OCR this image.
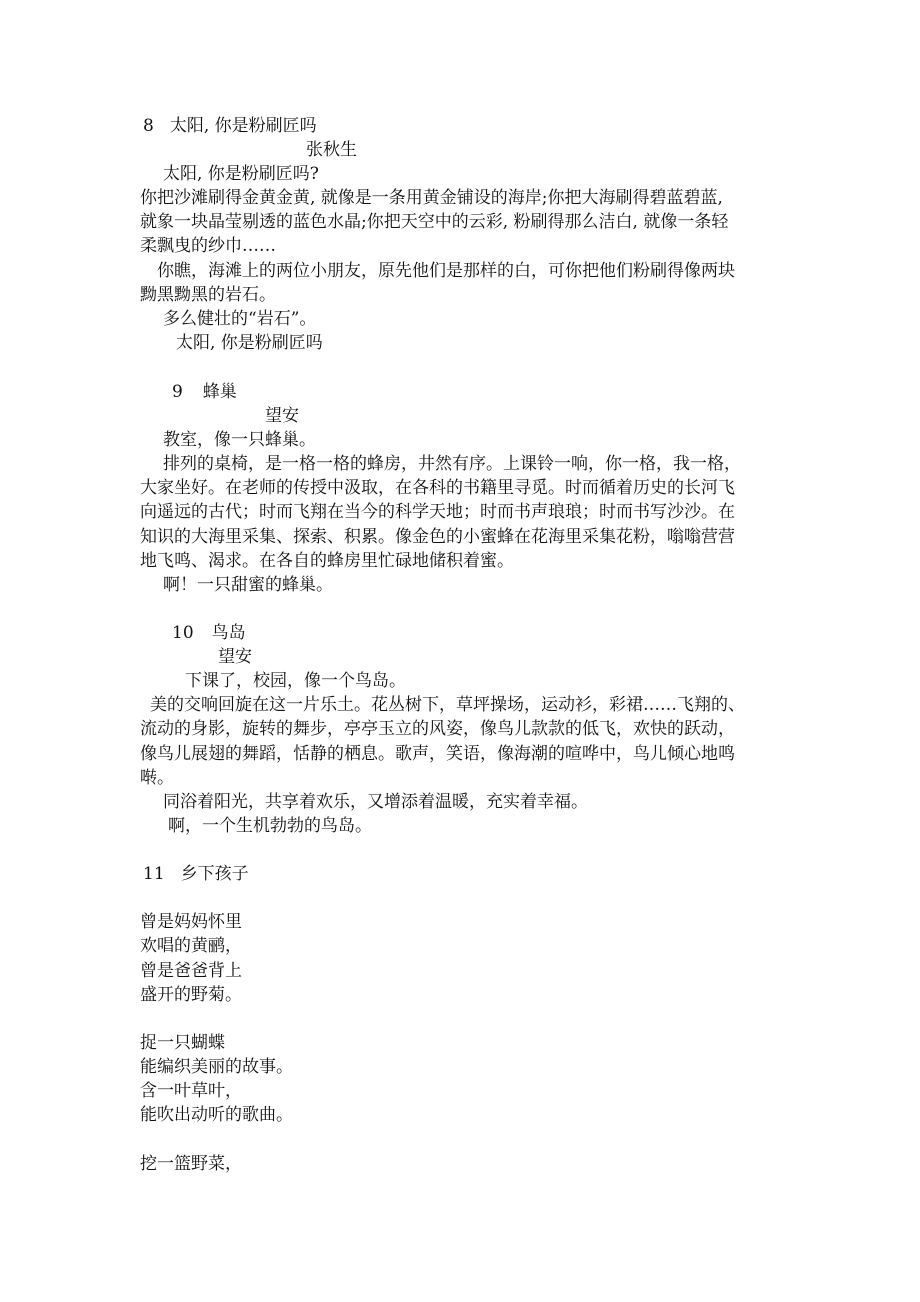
8 太阳, 你是粉刷匠吗
张秋生
太阳, 你是粉刷匠吗?
你把沙滩刷得金黄金黄, 就像是一条用黄金铺设的海岸;你把大海刷得碧蓝碧蓝,
就象一块晶莹剔透的蓝色水晶;你把天空中的云彩, 粉刷得那么洁白, 就像一条轻
柔飘曳的纱巾……
你瞧，海滩上的两位小朋友，原先他们是那样的白，可你把他们粉刷得像两块
黝黑黝黑的岩石。
多么健壮的“岩石”。
太阳, 你是粉刷匠吗
9 蜂巢
望安
教室，像一只蜂巢。
排列的桌椅，是一格一格的蜂房，井然有序。上课铃一响，你一格，我一格，
大家坐好。在老师的传授中汲取，在各科的书籍里寻觅。时而循着历史的长河飞
向遥远的古代；时而飞翔在当今的科学天地；时而书声琅琅；时而书写沙沙。在
知识的大海里采集、探索、积累。像金色的小蜜蜂在花海里采集花粉，嗡嗡营营
地飞鸣、渴求。在各自的蜂房里忙碌地储积着蜜。
啊！一只甜蜜的蜂巢。
10 鸟岛
望安
下课了，校园，像一个鸟岛。
美的交响回旋在这一片乐土。花丛树下，草坪操场，运动衫，彩裙……飞翔的、
流动的身影，旋转的舞步，亭亭玉立的风姿，像鸟儿款款的低飞，欢快的跃动，
像鸟儿展翅的舞蹈，恬静的栖息。歌声，笑语，像海潮的喧哗中，鸟儿倾心地鸣
啭。
同浴着阳光，共享着欢乐，又增添着温暖，充实着幸福。
啊，一个生机勃勃的鸟岛。
11 乡下孩子
曾是妈妈怀里
欢唱的黄鹂，
曾是爸爸背上
盛开的野菊。
捉一只蝴蝶
能编织美丽的故事。
含一叶草叶，
能吹出动听的歌曲。
挖一篮野菜，
